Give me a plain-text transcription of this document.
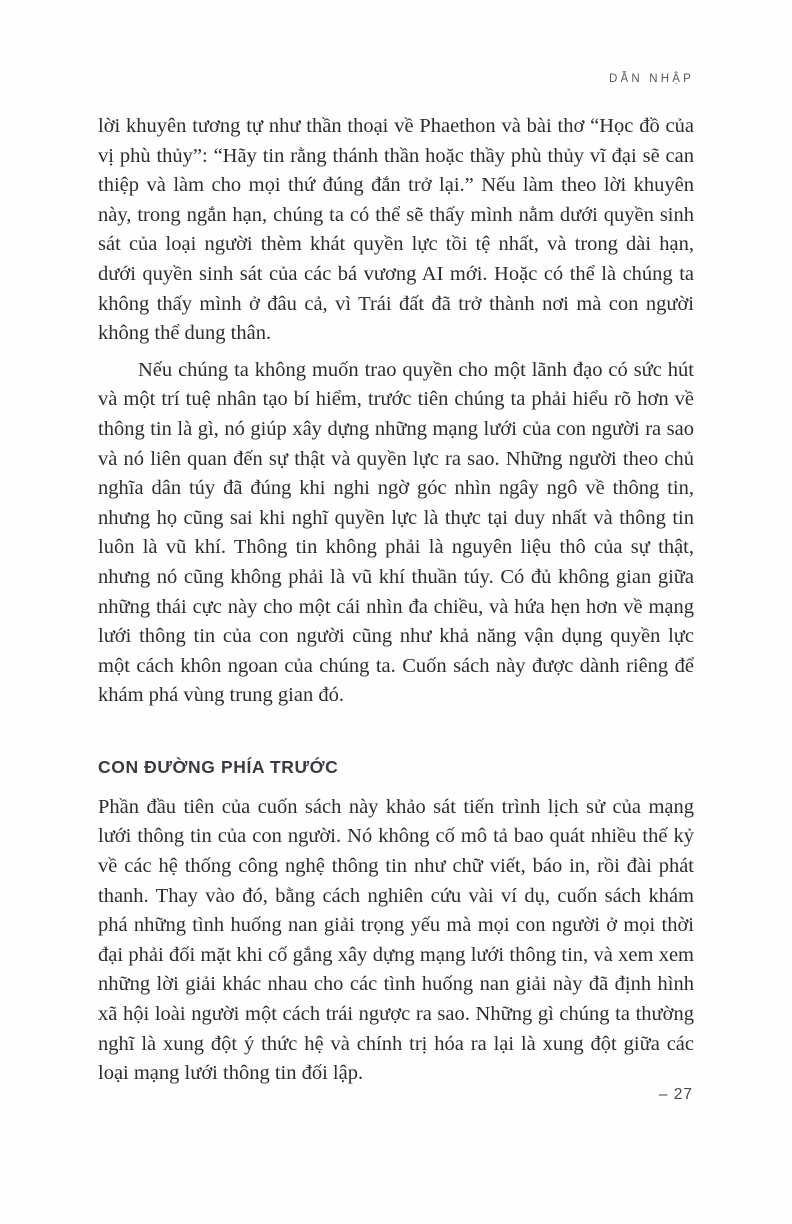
DẪN NHẬP

lời khuyên tương tự như thần thoại về Phaethon và bài thơ “Học đồ của vị phù thủy”: “Hãy tin rằng thánh thần hoặc thầy phù thủy vĩ đại sẽ can thiệp và làm cho mọi thứ đúng đắn trở lại.” Nếu làm theo lời khuyên này, trong ngắn hạn, chúng ta có thể sẽ thấy mình nằm dưới quyền sinh sát của loại người thèm khát quyền lực tồi tệ nhất, và trong dài hạn, dưới quyền sinh sát của các bá vương AI mới. Hoặc có thể là chúng ta không thấy mình ở đâu cả, vì Trái đất đã trở thành nơi mà con người không thể dung thân.

Nếu chúng ta không muốn trao quyền cho một lãnh đạo có sức hút và một trí tuệ nhân tạo bí hiểm, trước tiên chúng ta phải hiểu rõ hơn về thông tin là gì, nó giúp xây dựng những mạng lưới của con người ra sao và nó liên quan đến sự thật và quyền lực ra sao. Những người theo chủ nghĩa dân túy đã đúng khi nghi ngờ góc nhìn ngây ngô về thông tin, nhưng họ cũng sai khi nghĩ quyền lực là thực tại duy nhất và thông tin luôn là vũ khí. Thông tin không phải là nguyên liệu thô của sự thật, nhưng nó cũng không phải là vũ khí thuần túy. Có đủ không gian giữa những thái cực này cho một cái nhìn đa chiều, và hứa hẹn hơn về mạng lưới thông tin của con người cũng như khả năng vận dụng quyền lực một cách khôn ngoan của chúng ta. Cuốn sách này được dành riêng để khám phá vùng trung gian đó.

CON ĐƯỜNG PHÍA TRƯỚC

Phần đầu tiên của cuốn sách này khảo sát tiến trình lịch sử của mạng lưới thông tin của con người. Nó không cố mô tả bao quát nhiều thế kỷ về các hệ thống công nghệ thông tin như chữ viết, báo in, rồi đài phát thanh. Thay vào đó, bằng cách nghiên cứu vài ví dụ, cuốn sách khám phá những tình huống nan giải trọng yếu mà mọi con người ở mọi thời đại phải đối mặt khi cố gắng xây dựng mạng lưới thông tin, và xem xem những lời giải khác nhau cho các tình huống nan giải này đã định hình xã hội loài người một cách trái ngược ra sao. Những gì chúng ta thường nghĩ là xung đột ý thức hệ và chính trị hóa ra lại là xung đột giữa các loại mạng lưới thông tin đối lập.

– 27
